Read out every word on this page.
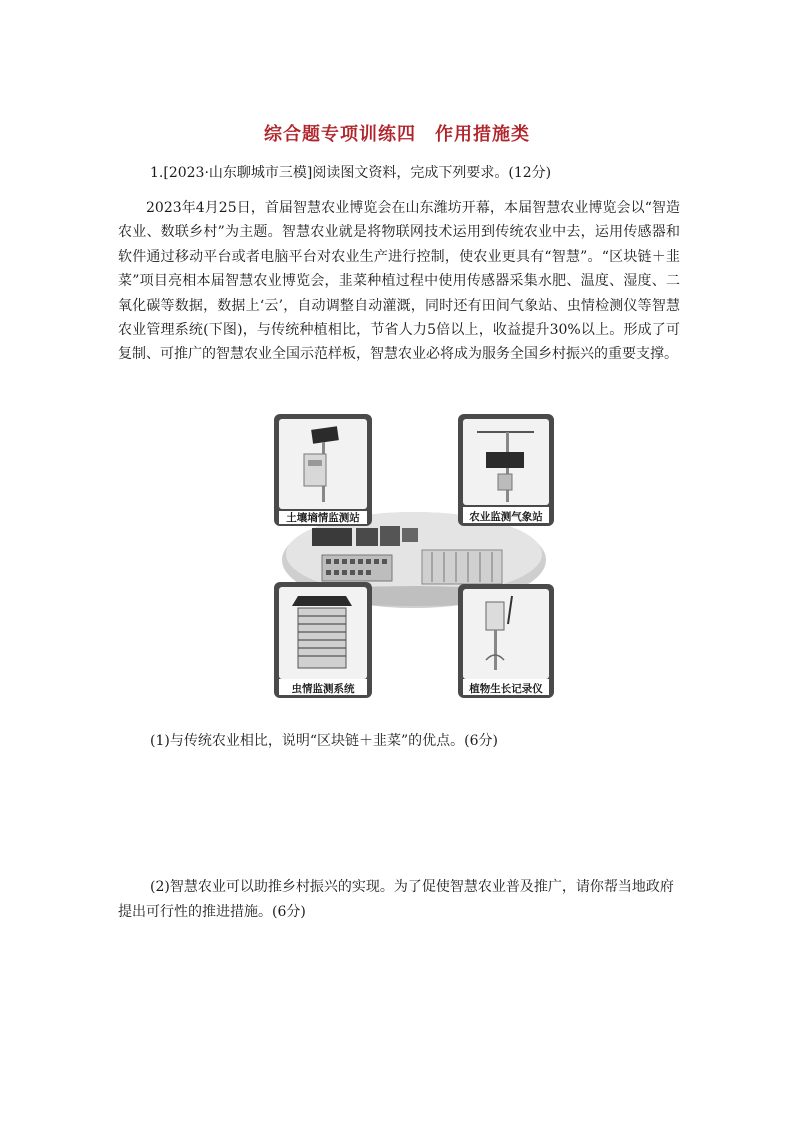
综合题专项训练四　作用措施类
1.[2023·山东聊城市三模]阅读图文资料，完成下列要求。(12分)
2023年4月25日，首届智慧农业博览会在山东潍坊开幕，本届智慧农业博览会以“智造农业、数联乡村”为主题。智慧农业就是将物联网技术运用到传统农业中去，运用传感器和软件通过移动平台或者电脑平台对农业生产进行控制，使农业更具有“智慧”。“区块链＋韭菜”项目亮相本届智慧农业博览会，韭菜种植过程中使用传感器采集水肥、温度、湿度、二氧化碳等数据，数据上‘云’，自动调整自动灌溉，同时还有田间气象站、虫情检测仪等智慧农业管理系统(下图)，与传统种植相比，节省人力5倍以上，收益提升30%以上。形成了可复制、可推广的智慧农业全国示范样板，智慧农业必将成为服务全国乡村振兴的重要支撑。
土壤墒情监测站	农业监测气象站
虫情监测系统	植物生长记录仪
(1)与传统农业相比，说明“区块链＋韭菜”的优点。(6分)
(2)智慧农业可以助推乡村振兴的实现。为了促使智慧农业普及推广，请你帮当地政府提出可行性的推进措施。(6分)
